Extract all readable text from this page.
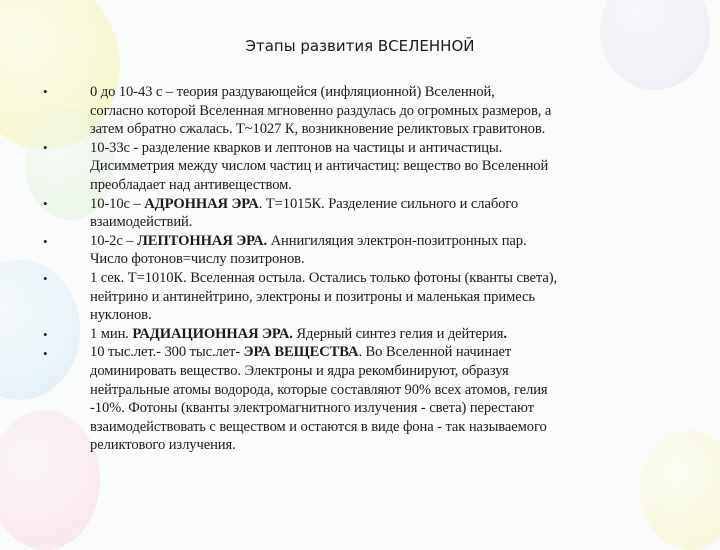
Этапы развития ВСЕЛЕННОЙ
•
•
•
•
•
•
•
0 до 10-43 с – теория раздувающейся (инфляционной) Вселенной,
согласно которой Вселенная мгновенно раздулась до огромных размеров, а
затем обратно сжалась. Т~1027 К, возникновение реликтовых гравитонов.
10-33с - разделение кварков и лептонов на частицы и античастицы.
Дисимметрия между числом частиц и античастиц: вещество во Вселенной
преобладает над антивеществом.
10-10с – АДРОННАЯ ЭРА. Т=1015К. Разделение сильного и слабого
взаимодействий.
10-2с – ЛЕПТОННАЯ ЭРА. Аннигиляция электрон-позитронных пар.
Число фотонов=числу позитронов.
1 сек. Т=1010К. Вселенная остыла. Остались только фотоны (кванты света),
нейтрино и антинейтрино, электроны и позитроны и маленькая примесь
нуклонов.
1 мин. РАДИАЦИОННАЯ ЭРА. Ядерный синтез гелия и дейтерия.
10 тыс.лет.- 300 тыс.лет- ЭРА ВЕЩЕСТВА. Во Вселенной начинает
доминировать вещество. Электроны и ядра рекомбинируют, образуя
нейтральные атомы водорода, которые составляют 90% всех атомов, гелия
-10%. Фотоны (кванты электромагнитного излучения - света) перестают
взаимодействовать с веществом и остаются в виде фона - так называемого
реликтового излучения.
